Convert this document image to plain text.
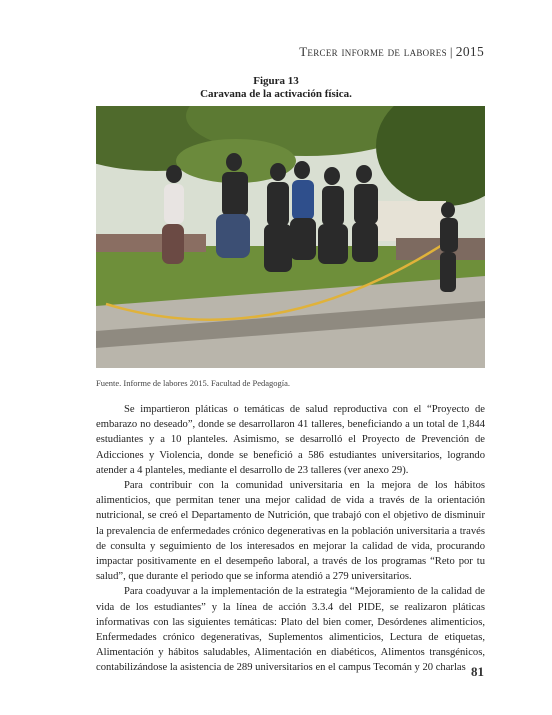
Tercer informe de labores | 2015
Figura 13
Caravana de la activación física.
Fuente. Informe de labores 2015. Facultad de Pedagogía.

Se impartieron pláticas o temáticas de salud reproductiva con el “Proyecto de embarazo no deseado”, donde se desarrollaron 41 talleres, beneficiando a un total de 1,844 estudiantes y a 10 planteles. Asimismo, se desarrolló el Proyecto de Prevención de Adicciones y Violencia, donde se benefició a 586 estudiantes universitarios, logrando atender a 4 planteles, mediante el desarrollo de 23 talleres (ver anexo 29).

Para contribuir con la comunidad universitaria en la mejora de los hábitos alimenticios, que permitan tener una mejor calidad de vida a través de la orientación nutricional, se creó el Departamento de Nutrición, que trabajó con el objetivo de disminuir la prevalencia de enfermedades crónico degenerativas en la población universitaria a través de consulta y seguimiento de los interesados en mejorar la calidad de vida, procurando impactar positivamente en el desempeño laboral, a través de los programas “Reto por tu salud”, que durante el periodo que se informa atendió a 279 universitarios.

Para coadyuvar a la implementación de la estrategia “Mejoramiento de la calidad de vida de los estudiantes” y la línea de acción 3.3.4 del PIDE, se realizaron pláticas informativas con las siguientes temáticas: Plato del bien comer, Desórdenes alimenticios, Enfermedades crónico degenerativas, Suplementos alimenticios, Lectura de etiquetas, Alimentación y hábitos saludables, Alimentación en diabéticos, Alimentos transgénicos, contabilizándose la asistencia de 289 universitarios en el campus Tecomán y 20 charlas 81
